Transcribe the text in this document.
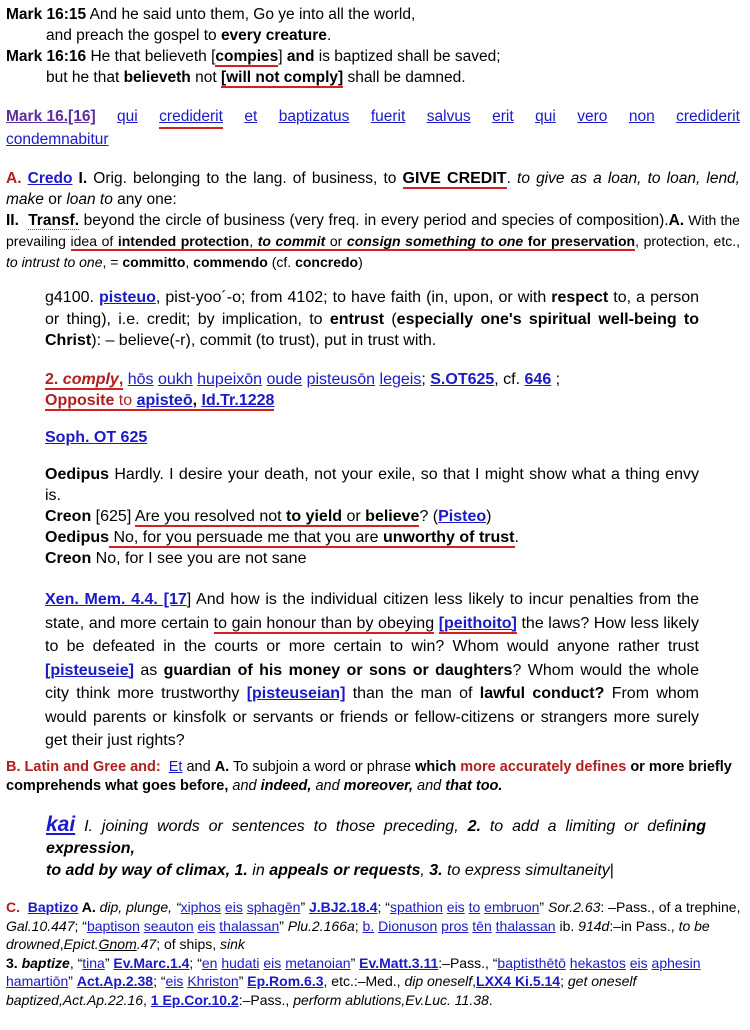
Mark 16:15 And he said unto them, Go ye into all the world,
and preach the gospel to every creature.
Mark 16:16 He that believeth [compies] and is baptized shall be saved;
but he that believeth not [will not comply] shall be damned.
Mark 16.[16] qui crediderit et baptizatus fuerit salvus erit qui vero non crediderit
condemnabitur
A. Credo I. Orig. belonging to the lang. of business, to GIVE CREDIT. to give as a loan, to loan, lend, make or loan to any one:
II. Transf. beyond the circle of business (very freq. in every period and species of composition).A. With the prevailing idea of intended protection, to commit or consign something to one for preservation, protection, etc., to intrust to one, = committo, commendo (cf. concredo)
g4100. pisteuo, pist-yoo´-o; from 4102; to have faith (in, upon, or with respect to, a person or thing), i.e. credit; by implication, to entrust (especially one's spiritual well-being to Christ): – believe(-r), commit (to trust), put in trust with.
2. comply, hōs oukh hupeixōn oude pisteusōn legeis; S.OT625, cf. 646 ;
Opposite to apisteō, Id.Tr.1228
Soph. OT 625
Oedipus Hardly. I desire your death, not your exile, so that I might show what a thing envy is.
Creon [625] Are you resolved not to yield or believe? (Pisteo)
Oedipus No, for you persuade me that you are unworthy of trust.
Creon No, for I see you are not sane
Xen. Mem. 4.4. [17] And how is the individual citizen less likely to incur penalties from the state, and more certain to gain honour than by obeying [peithoito] the laws? How less likely to be defeated in the courts or more certain to win? Whom would anyone rather trust [pisteuseie] as guardian of his money or sons or daughters? Whom would the whole city think more trustworthy [pisteuseian] than the man of lawful conduct? From whom would parents or kinsfolk or servants or friends or fellow-citizens or strangers more surely get their just rights?
B. Latin and Gree and: Et and A. To subjoin a word or phrase which more accurately defines or more briefly comprehends what goes before, and indeed, and moreover, and that too.
kai I. joining words or sentences to those preceding, 2. to add a limiting or defining expression,
to add by way of climax, 1. in appeals or requests, 3. to express simultaneity|
C. Baptizo A. dip, plunge, “xiphos eis sphagēn” J.BJ2.18.4; “spathion eis to embruon” Sor.2.63: –Pass., of a trephine, Gal.10.447; “baptison seauton eis thalassan” Plu.2.166a; b. Dionuson pros tēn thalassan ib. 914d:–in Pass., to be drowned,Epict.Gnom.47; of ships, sink
3. baptize, “tina” Ev.Marc.1.4; “en hudati eis metanoian” Ev.Matt.3.11:–Pass., “baptisthētō hekastos eis aphesin hamartiōn” Act.Ap.2.38; “eis Khriston” Ep.Rom.6.3, etc.:–Med., dip oneself,LXX4 Ki.5.14; get oneself baptized,Act.Ap.22.16, 1 Ep.Cor.10.2:–Pass., perform ablutions,Ev.Luc. 11.38.
